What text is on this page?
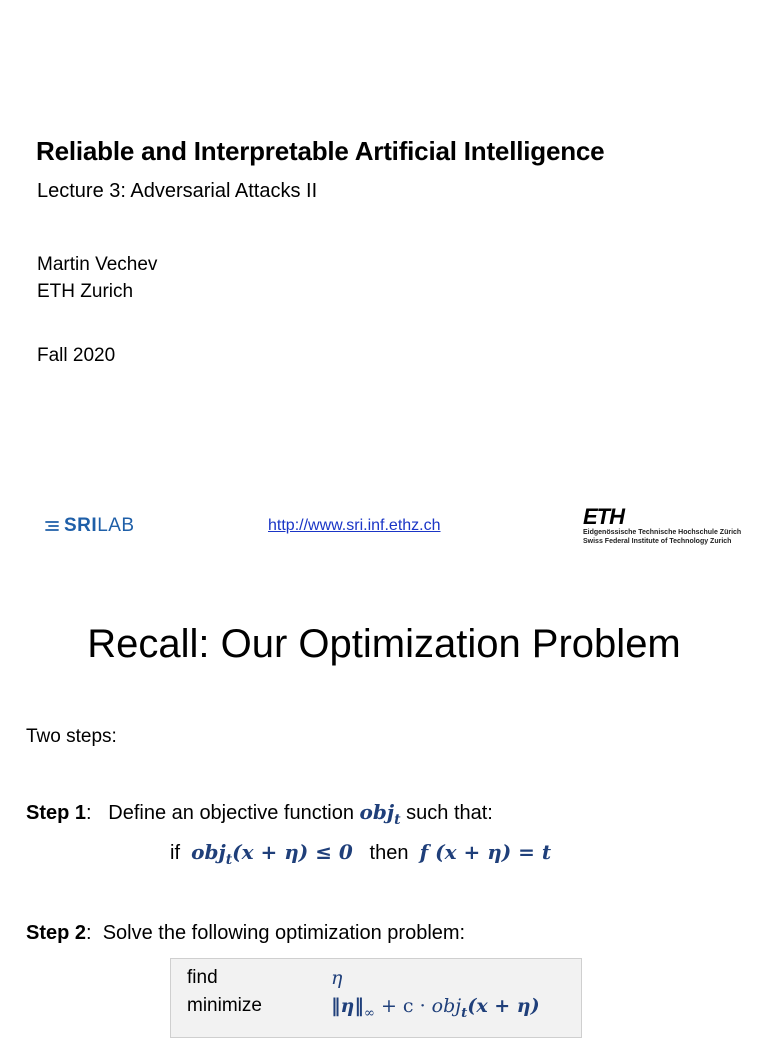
Reliable and Interpretable Artificial Intelligence
Lecture 3: Adversarial Attacks II
Martin Vechev
ETH Zurich
Fall 2020
SRI LAB	http://www.sri.inf.ethz.ch	ETH
Eidgenössische Technische Hochschule Zürich
Swiss Federal Institute of Technology Zurich
Recall: Our Optimization Problem
Two steps:
Step 1:   Define an objective function obj$_t$ such that:
if obj$_t$(x + η) ≤ 0 then f (x + η) = t
Step 2:  Solve the following optimization problem:
find	η
minimize	$‖\eta‖_\infty + c \cdot obj_t(x + \eta)$
